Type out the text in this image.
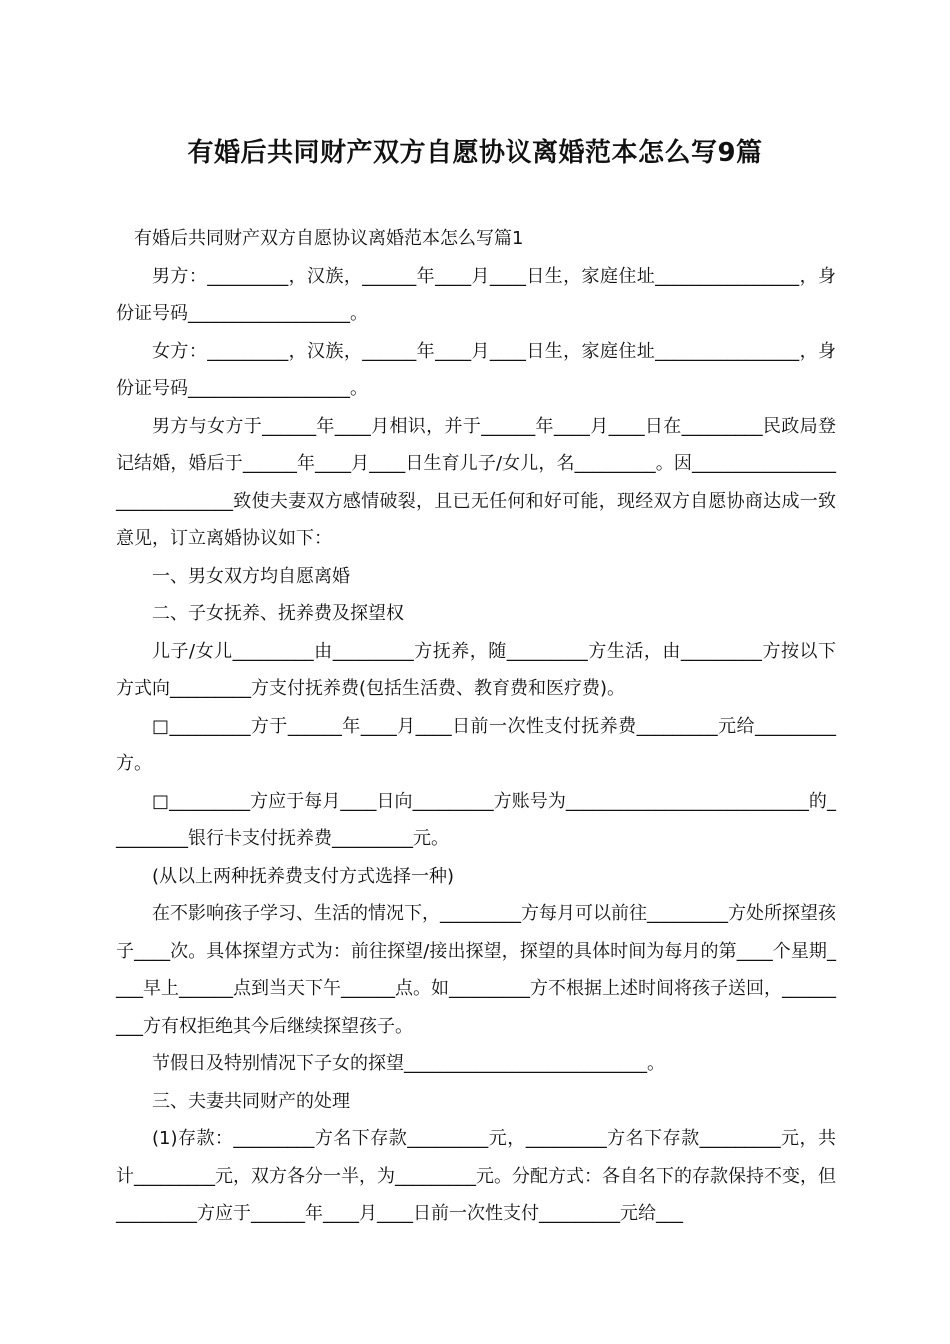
有婚后共同财产双方自愿协议离婚范本怎么写9篇

有婚后共同财产双方自愿协议离婚范本怎么写篇1

男方：_________，汉族，______年____月____日生，家庭住址________________，身份证号码__________________。

女方：_________，汉族，______年____月____日生，家庭住址________________，身份证号码__________________。

男方与女方于______年____月相识，并于______年____月____日在_________民政局登记结婚，婚后于______年____月____日生育儿子/女儿，名_________。因_____________________________致使夫妻双方感情破裂，且已无任何和好可能，现经双方自愿协商达成一致意见，订立离婚协议如下：

一、男女双方均自愿离婚

二、子女抚养、抚养费及探望权

儿子/女儿_________由_________方抚养，随_________方生活，由_________方按以下方式向_________方支付抚养费(包括生活费、教育费和医疗费)。

□_________方于______年____月____日前一次性支付抚养费_________元给_________方。

□_________方应于每月____日向_________方账号为___________________________的_________银行卡支付抚养费_________元。

(从以上两种抚养费支付方式选择一种)

在不影响孩子学习、生活的情况下，_________方每月可以前往_________方处所探望孩子____次。具体探望方式为：前往探望/接出探望，探望的具体时间为每月的第____个星期____早上______点到当天下午______点。如_________方不根据上述时间将孩子送回，_________方有权拒绝其今后继续探望孩子。

节假日及特别情况下子女的探望___________________________。

三、夫妻共同财产的处理

(1)存款：_________方名下存款_________元，_________方名下存款_________元，共计_________元，双方各分一半，为_________元。分配方式：各自名下的存款保持不变，但_________方应于______年____月____日前一次性支付_________元给___
